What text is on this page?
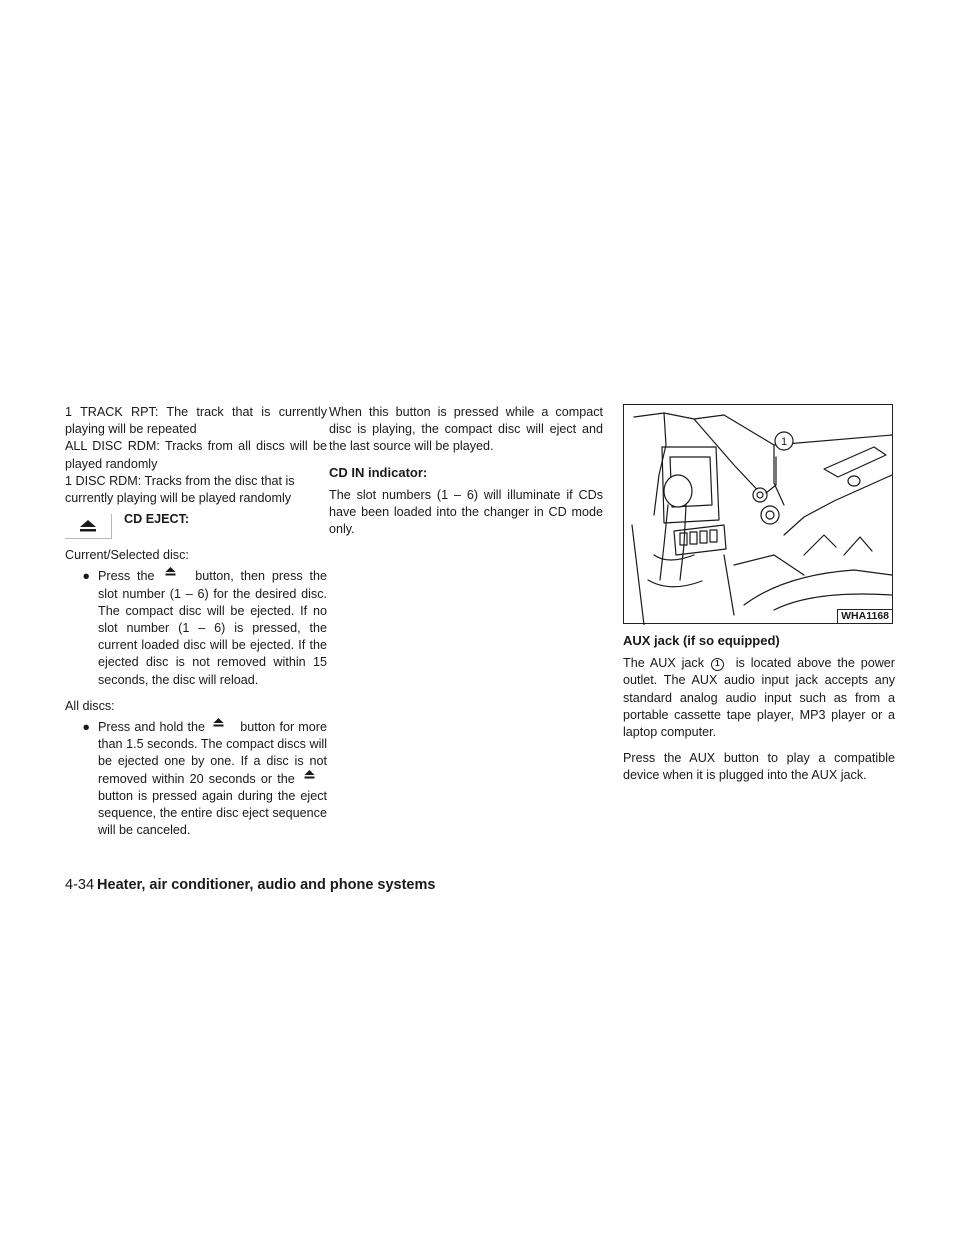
1 TRACK RPT: The track that is currently playing will be repeated

ALL DISC RDM: Tracks from all discs will be played randomly

1 DISC RDM: Tracks from the disc that is currently playing will be played randomly

CD EJECT:

Current/Selected disc:

● Press the	button, then press the slot number (1 – 6) for the desired disc. The compact disc will be ejected. If no slot number (1 – 6) is pressed, the current loaded disc will be ejected. If the ejected disc is not removed within 15 seconds, the disc will reload.

All discs:

● Press and hold the	button for more than 1.5 seconds. The compact discs will be ejected one by one. If a disc is not removed within 20 seconds or the  button is pressed again during the eject sequence, the entire disc eject sequence will be canceled.

When this button is pressed while a compact disc is playing, the compact disc will eject and the last source will be played.

CD IN indicator:

The slot numbers (1 – 6) will illuminate if CDs have been loaded into the changer in CD mode only.

1
WHA1168

AUX jack (if so equipped)

The AUX jack 1 is located above the power outlet. The AUX audio input jack accepts any standard analog audio input such as from a portable cassette tape player, MP3 player or a laptop computer.

Press the AUX button to play a compatible device when it is plugged into the AUX jack.

4-34 Heater, air conditioner, audio and phone systems
